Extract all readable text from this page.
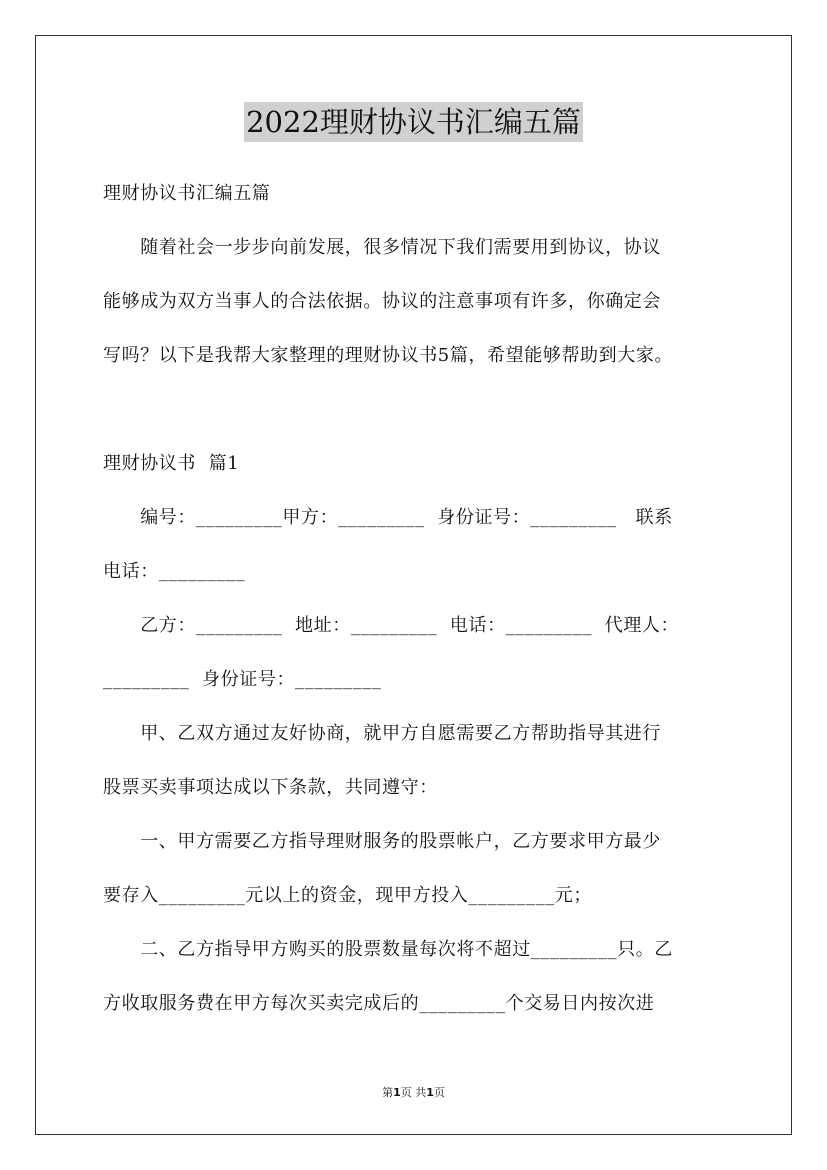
2022理财协议书汇编五篇
理财协议书汇编五篇
　　随着社会一步步向前发展，很多情况下我们需要用到协议，协议
能够成为双方当事人的合法依据。协议的注意事项有许多，你确定会
写吗？以下是我帮大家整理的理财协议书5篇，希望能够帮助到大家。
理财协议书  篇1
　　编号：_________甲方：_________  身份证号：_________   联系
电话：_________
　　乙方：_________  地址：_________  电话：_________  代理人：
_________  身份证号：_________
　　甲、乙双方通过友好协商，就甲方自愿需要乙方帮助指导其进行
股票买卖事项达成以下条款，共同遵守：
　　一、甲方需要乙方指导理财服务的股票帐户，乙方要求甲方最少
要存入_________元以上的资金，现甲方投入_________元；
　　二、乙方指导甲方购买的股票数量每次将不超过_________只。乙
方收取服务费在甲方每次买卖完成后的_________个交易日内按次进
第1页 共1页
